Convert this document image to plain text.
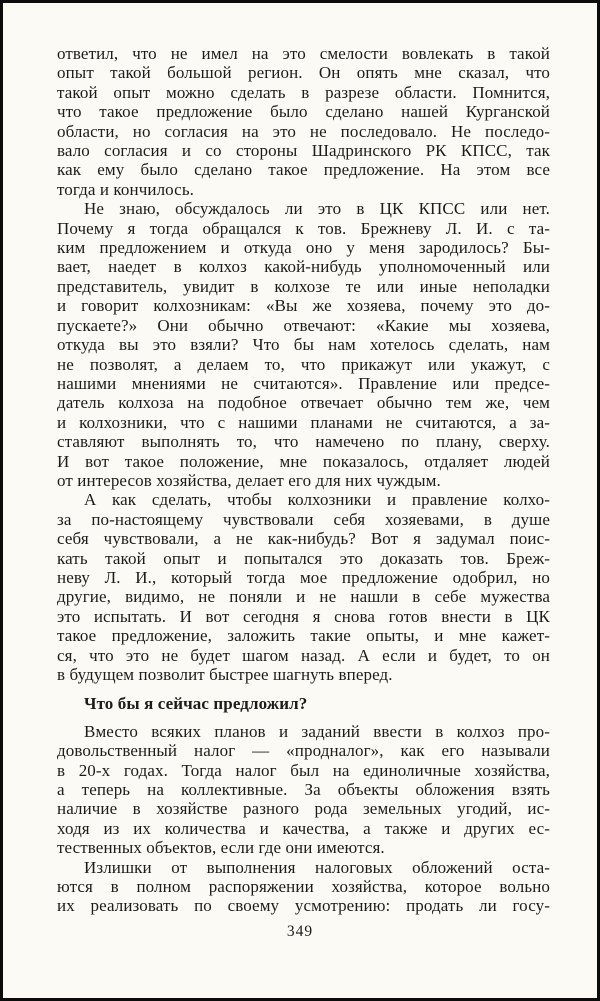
ответил, что не имел на это смелости вовлекать в такой
опыт такой большой регион. Он опять мне сказал, что
такой опыт можно сделать в разрезе области. Помнится,
что такое предложение было сделано нашей Курганской
области, но согласия на это не последовало. Не последо-
вало согласия и со стороны Шадринского РК КПСС, так
как ему было сделано такое предложение. На этом все
тогда и кончилось.
Не знаю, обсуждалось ли это в ЦК КПСС или нет.
Почему я тогда обращался к тов. Брежневу Л. И. с та-
ким предложением и откуда оно у меня зародилось? Бы-
вает, наедет в колхоз какой-нибудь уполномоченный или
представитель, увидит в колхозе те или иные неполадки
и говорит колхозникам: «Вы же хозяева, почему это до-
пускаете?» Они обычно отвечают: «Какие мы хозяева,
откуда вы это взяли? Что бы нам хотелось сделать, нам
не позволят, а делаем то, что прикажут или укажут, с
нашими мнениями не считаются». Правление или предсе-
датель колхоза на подобное отвечает обычно тем же, чем
и колхозники, что с нашими планами не считаются, а за-
ставляют выполнять то, что намечено по плану, сверху.
И вот такое положение, мне показалось, отдаляет людей
от интересов хозяйства, делает его для них чуждым.
А как сделать, чтобы колхозники и правление колхо-
за по-настоящему чувствовали себя хозяевами, в душе
себя чувствовали, а не как-нибудь? Вот я задумал поис-
кать такой опыт и попытался это доказать тов. Бреж-
неву Л. И., который тогда мое предложение одобрил, но
другие, видимо, не поняли и не нашли в себе мужества
это испытать. И вот сегодня я снова готов внести в ЦК
такое предложение, заложить такие опыты, и мне кажет-
ся, что это не будет шагом назад. А если и будет, то он
в будущем позволит быстрее шагнуть вперед.
Что бы я сейчас предложил?
Вместо всяких планов и заданий ввести в колхоз про-
довольственный налог — «продналог», как его называли
в 20-х годах. Тогда налог был на единоличные хозяйства,
а теперь на коллективные. За объекты обложения взять
наличие в хозяйстве разного рода земельных угодий, ис-
ходя из их количества и качества, а также и других ес-
тественных объектов, если где они имеются.
Излишки от выполнения налоговых обложений оста-
ются в полном распоряжении хозяйства, которое вольно
их реализовать по своему усмотрению: продать ли госу-
349
